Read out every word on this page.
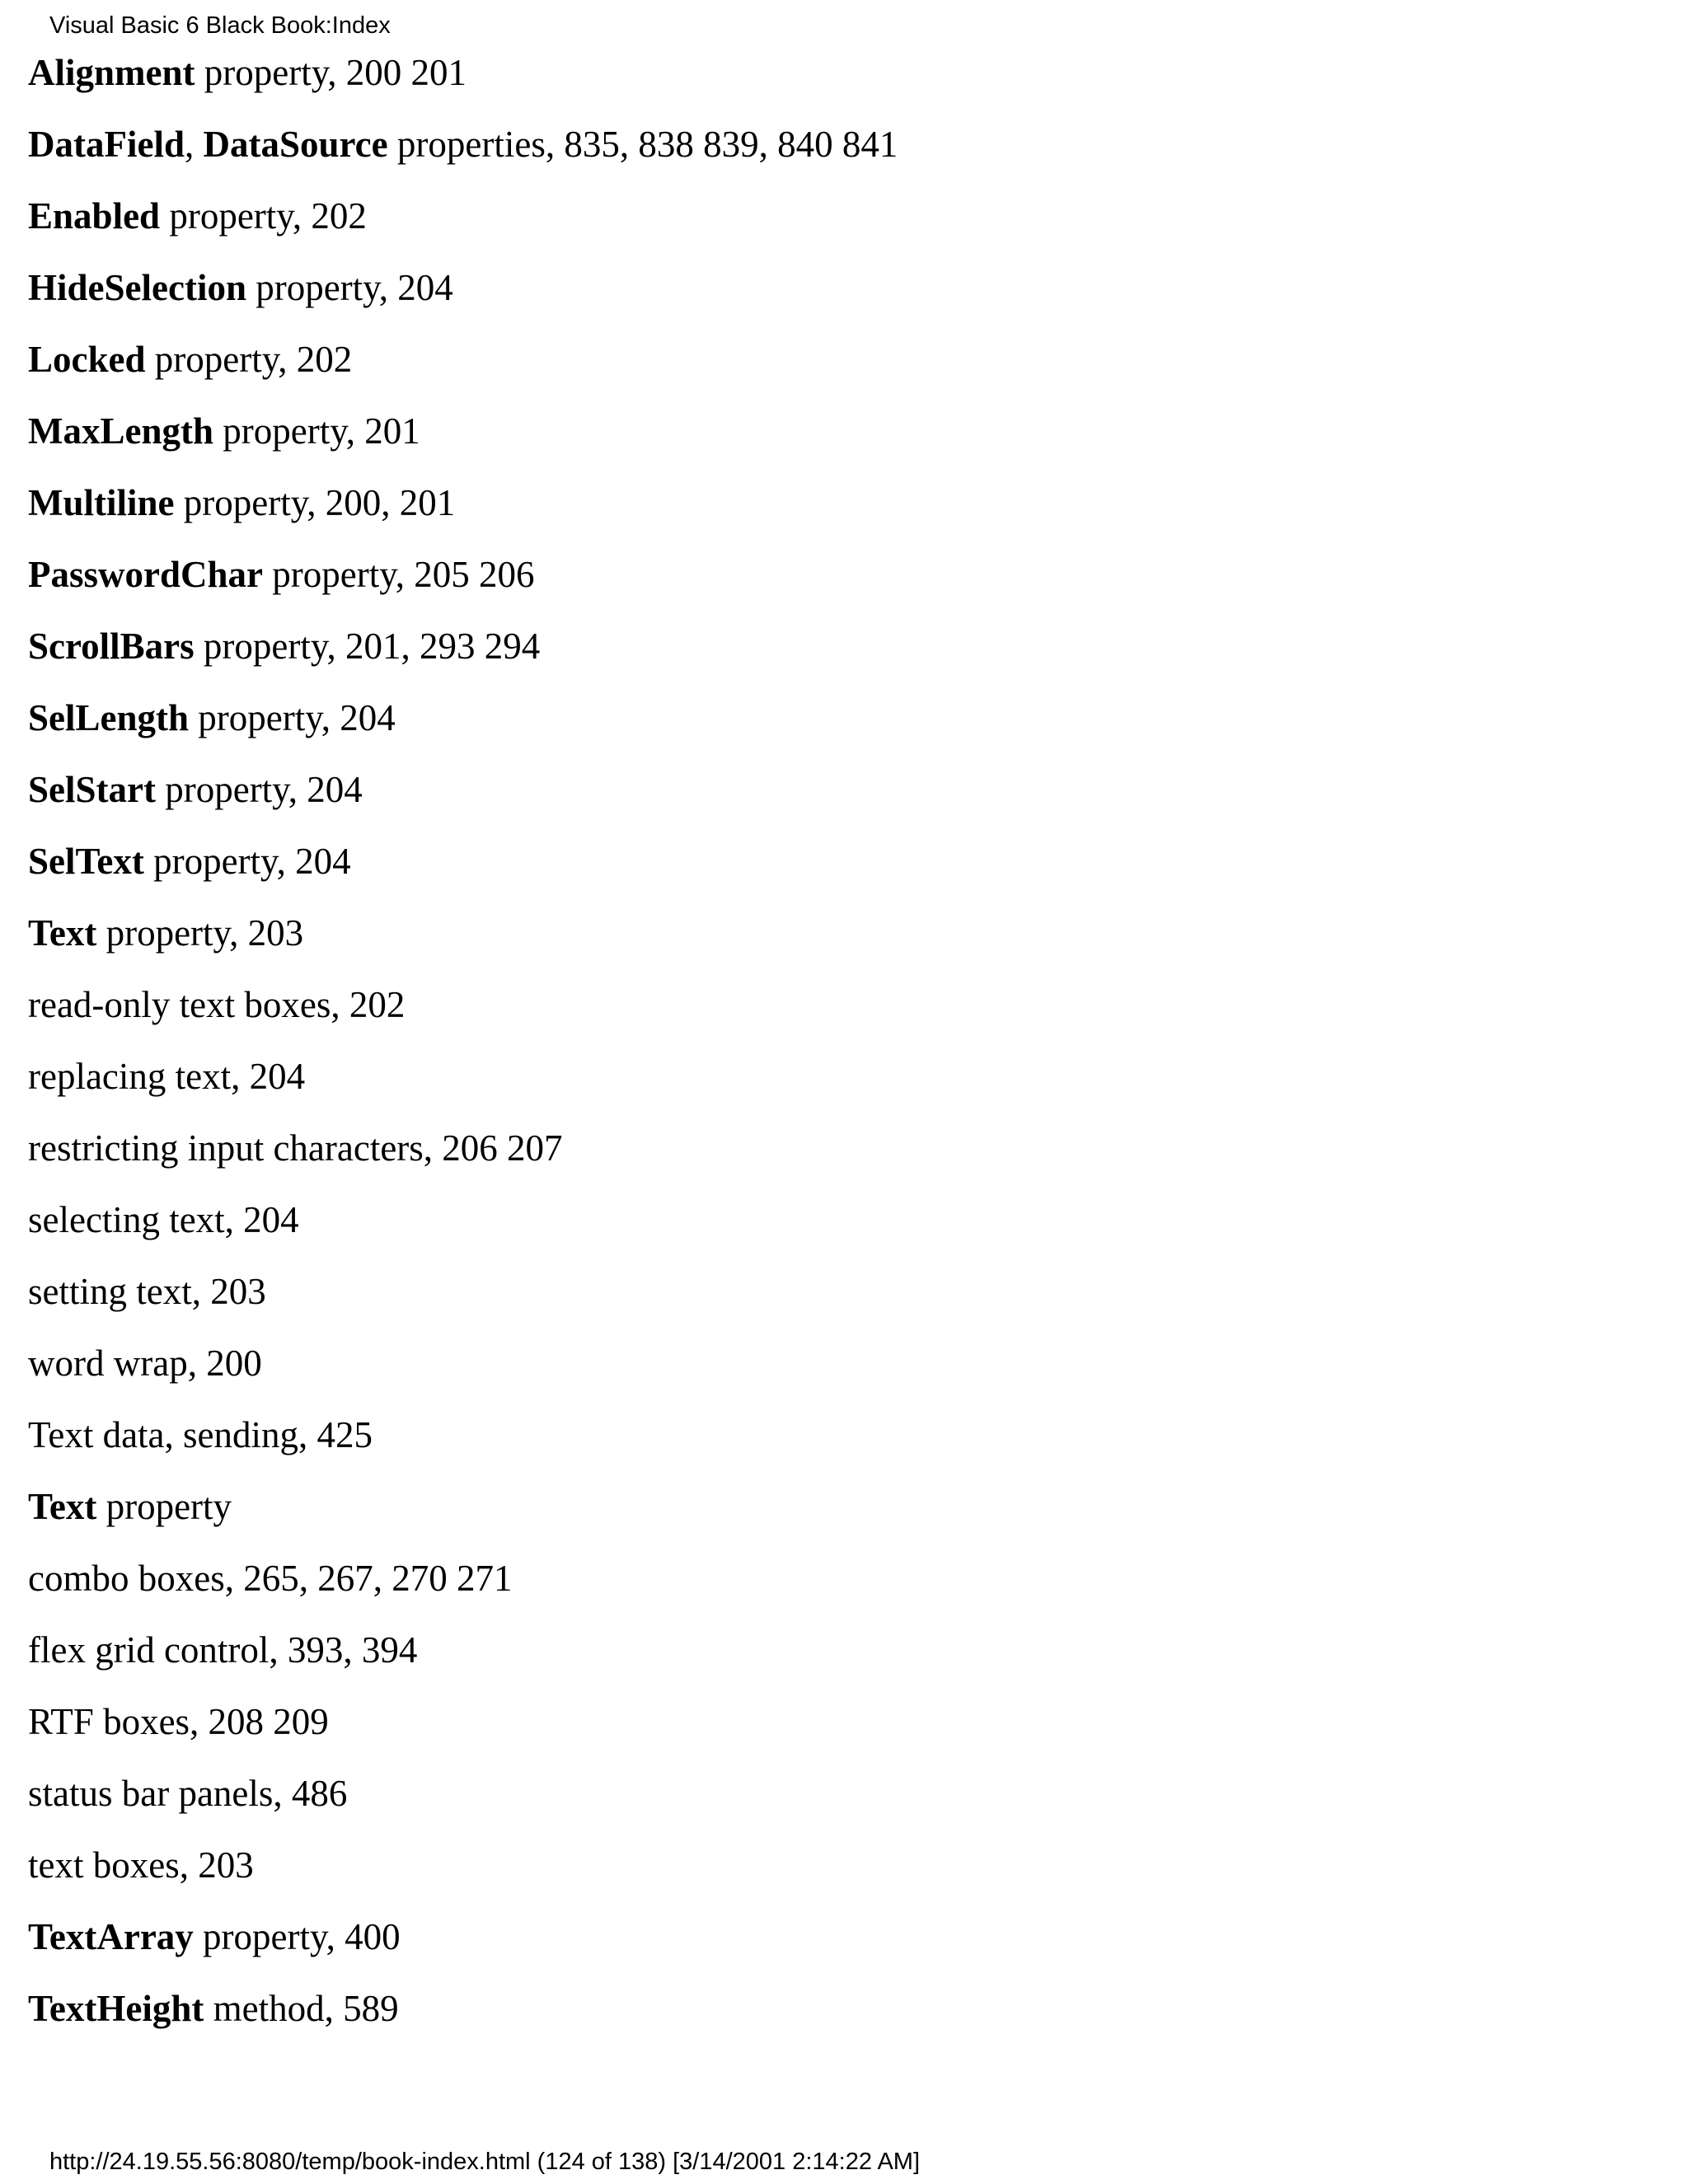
Visual Basic 6 Black Book:Index
Alignment property, 200 201
DataField, DataSource properties, 835, 838 839, 840 841
Enabled property, 202
HideSelection property, 204
Locked property, 202
MaxLength property, 201
Multiline property, 200, 201
PasswordChar property, 205 206
ScrollBars property, 201, 293 294
SelLength property, 204
SelStart property, 204
SelText property, 204
Text property, 203
read-only text boxes, 202
replacing text, 204
restricting input characters, 206 207
selecting text, 204
setting text, 203
word wrap, 200
Text data, sending, 425
Text property
combo boxes, 265, 267, 270 271
flex grid control, 393, 394
RTF boxes, 208 209
status bar panels, 486
text boxes, 203
TextArray property, 400
TextHeight method, 589
http://24.19.55.56:8080/temp/book-index.html (124 of 138) [3/14/2001 2:14:22 AM]
